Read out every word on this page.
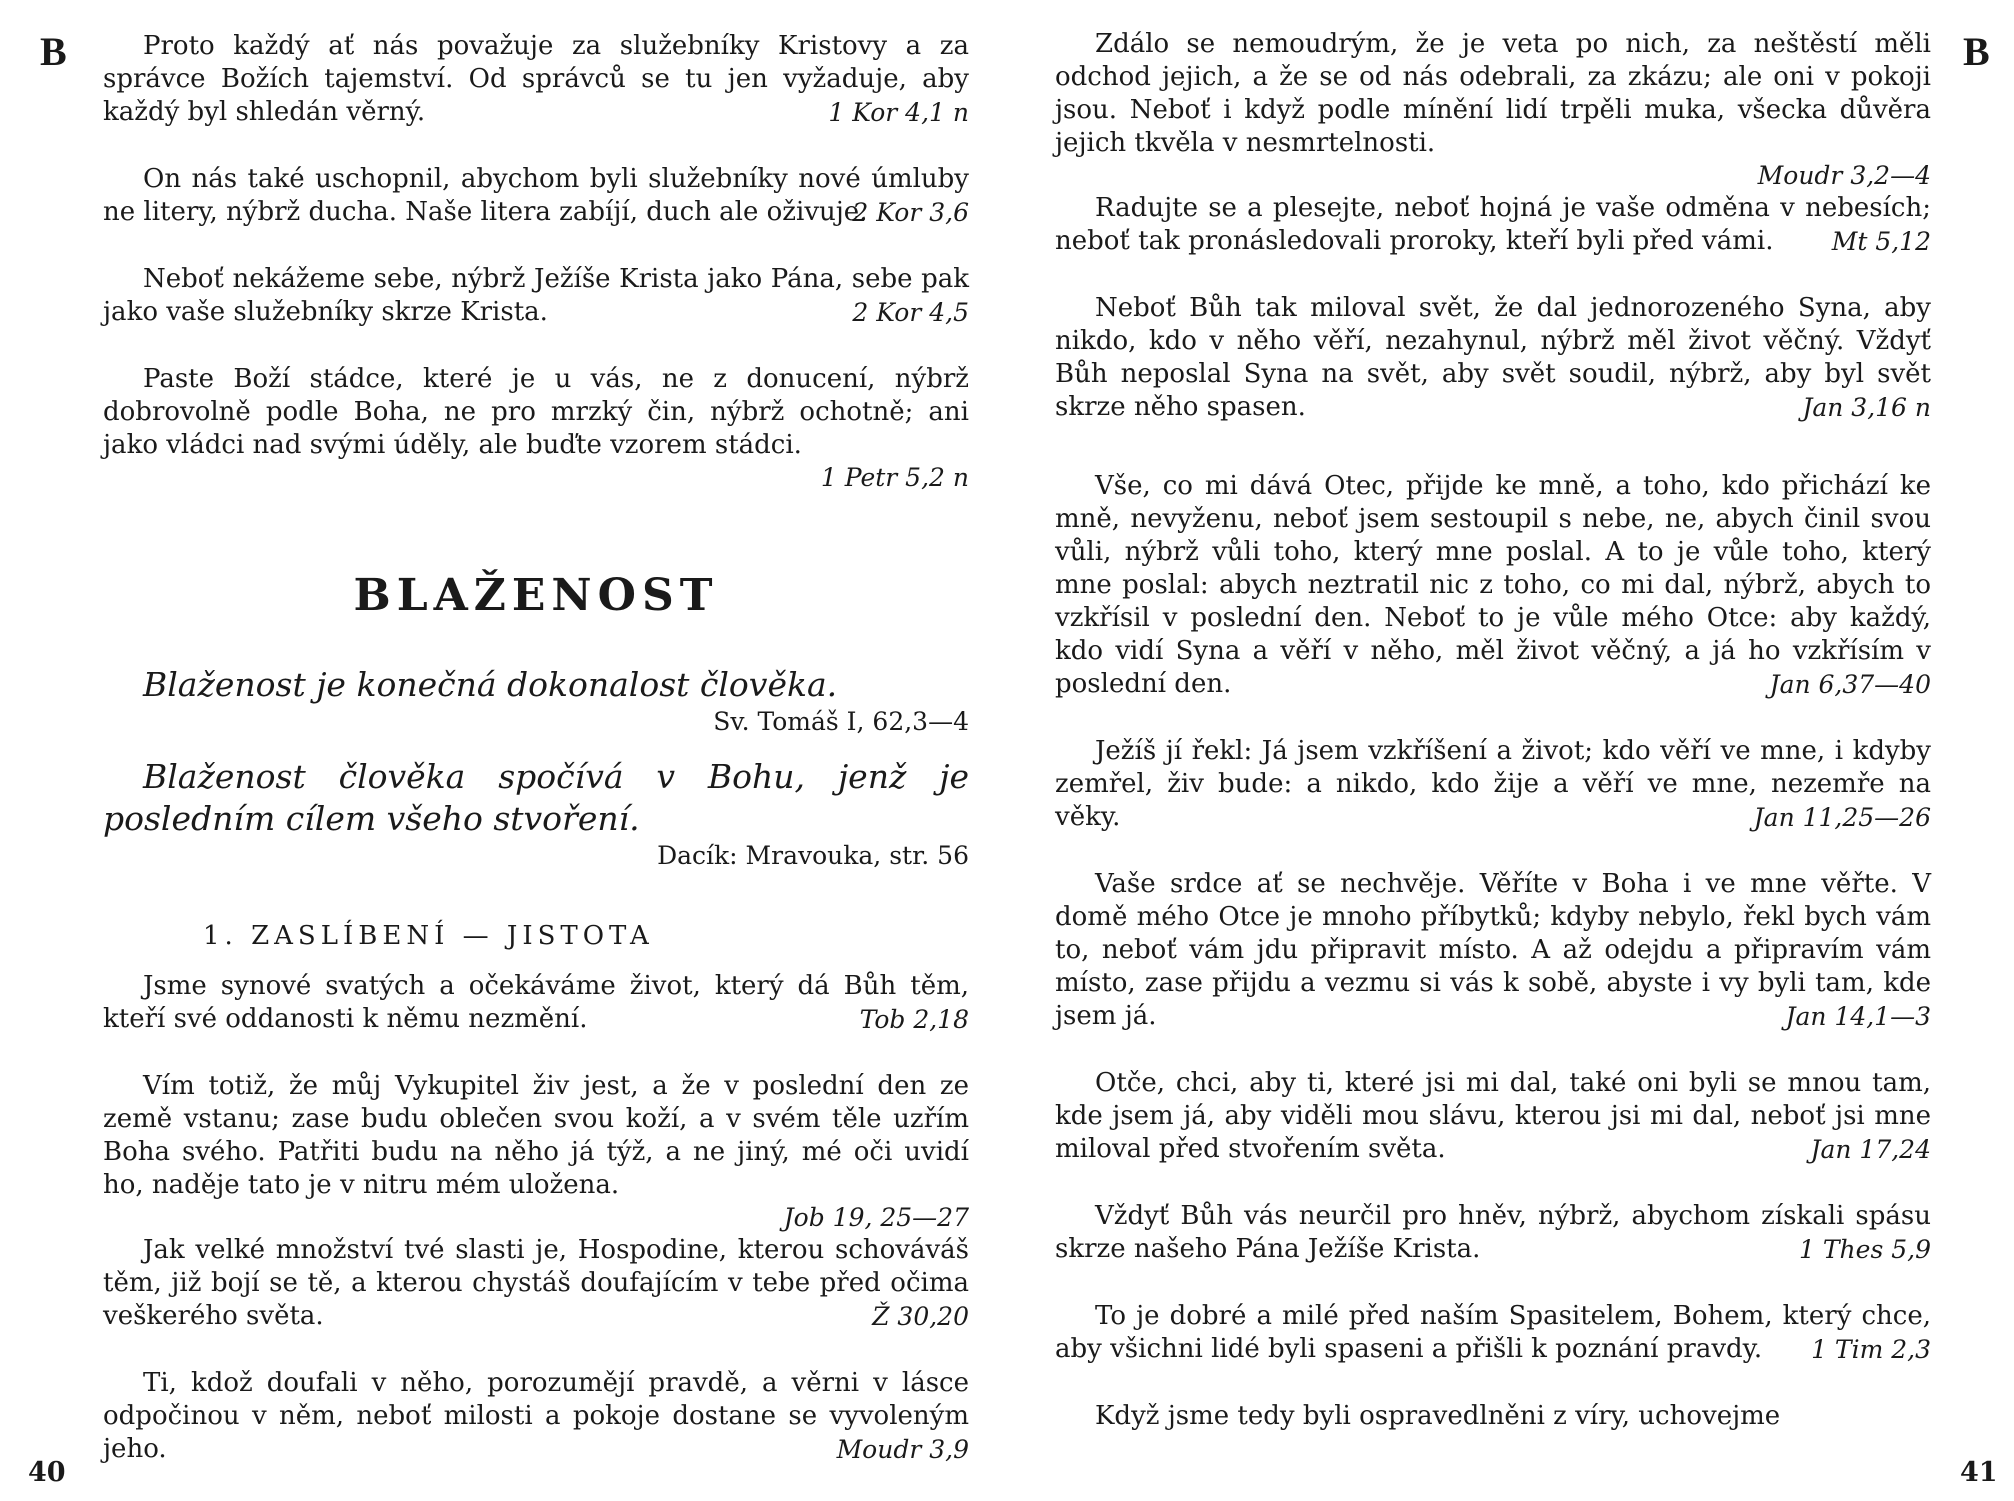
B
40
Proto každý ať nás považuje za služebníky Kristovy a za správce Božích tajemství. Od správců se tu jen vyžaduje, aby každý byl shledán věrný.	1 Kor 4,1 n
On nás také uschopnil, abychom byli služebníky nové úmluby ne litery, nýbrž ducha. Naše litera zabíjí, duch ale oživuje.
2 Kor 3,6
Neboť nekážeme sebe, nýbrž Ježíše Krista jako Pána, sebe pak jako vaše služebníky skrze Krista.	2 Kor 4,5
Paste Boží stádce, které je u vás, ne z donucení, nýbrž dobrovolně podle Boha, ne pro mrzký čin, nýbrž ochotně; ani jako vládci nad svými úděly, ale buďte vzorem stádci.
1 Petr 5,2 n
BLAŽENOST

Blaženost je konečná dokonalost člověka.

Sv. Tomáš I, 62,3—4

Blaženost člověka spočívá v Bohu, jenž je posledním cílem všeho stvoření.

Dacík: Mravouka, str. 56
1. ZASLÍBENÍ — JISTOTA
Jsme synové svatých a očekáváme život, který dá Bůh těm, kteří své oddanosti k němu nezmění.	Tob 2,18
Vím totiž, že můj Vykupitel živ jest, a že v poslední den ze země vstanu; zase budu oblečen svou koží, a v svém těle uzřím Boha svého. Patřiti budu na něho já týž, a ne jiný, mé oči uvidí ho, naděje tato je v nitru mém uložena.
Job 19, 25—27
Jak velké množství tvé slasti je, Hospodine, kterou schováváš těm, již bojí se tě, a kterou chystáš doufajícím v tebe před očima veškerého světa.	Ž 30,20
Ti, kdož doufali v něho, porozumějí pravdě, a věrni v lásce odpočinou v něm, neboť milosti a pokoje dostane se vyvoleným jeho.	Moudr 3,9
B
41
Zdálo se nemoudrým, že je veta po nich, za neštěstí měli odchod jejich, a že se od nás odebrali, za zkázu; ale oni v pokoji jsou. Neboť i když podle mínění lidí trpěli muka, všecka důvěra jejich tkvěla v nesmrtelnosti.
Moudr 3,2—4
Radujte se a plesejte, neboť hojná je vaše odměna v nebesích; neboť tak pronásledovali proroky, kteří byli před vámi.	Mt 5,12
Neboť Bůh tak miloval svět, že dal jednorozeného Syna, aby nikdo, kdo v něho věří, nezahynul, nýbrž měl život věčný. Vždyť Bůh neposlal Syna na svět, aby svět soudil, nýbrž, aby byl svět skrze něho spasen.	Jan 3,16 n
Vše, co mi dává Otec, přijde ke mně, a toho, kdo přichází ke mně, nevyženu, neboť jsem sestoupil s nebe, ne, abych činil svou vůli, nýbrž vůli toho, který mne poslal. A to je vůle toho, který mne poslal: abych neztratil nic z toho, co mi dal, nýbrž, abych to vzkřísil v poslední den. Neboť to je vůle mého Otce: aby každý, kdo vidí Syna a věří v něho, měl život věčný, a já ho vzkřísím v poslední den.	Jan 6,37—40
Ježíš jí řekl: Já jsem vzkříšení a život; kdo věří ve mne, i kdyby zemřel, živ bude: a nikdo, kdo žije a věří ve mne, nezemře na věky.	Jan 11,25—26
Vaše srdce ať se nechvěje. Věříte v Boha i ve mne věřte. V domě mého Otce je mnoho příbytků; kdyby nebylo, řekl bych vám to, neboť vám jdu připravit místo. A až odejdu a připravím vám místo, zase přijdu a vezmu si vás k sobě, abyste i vy byli tam, kde jsem já.	Jan 14,1—3
Otče, chci, aby ti, které jsi mi dal, také oni byli se mnou tam, kde jsem já, aby viděli mou slávu, kterou jsi mi dal, neboť jsi mne miloval před stvořením světa.	Jan 17,24
Vždyť Bůh vás neurčil pro hněv, nýbrž, abychom získali spásu skrze našeho Pána Ježíše Krista.	1 Thes 5,9
To je dobré a milé před naším Spasitelem, Bohem, který chce, aby všichni lidé byli spaseni a přišli k poznání pravdy.	1 Tim 2,3
Když jsme tedy byli ospravedlněni z víry, uchovejme
